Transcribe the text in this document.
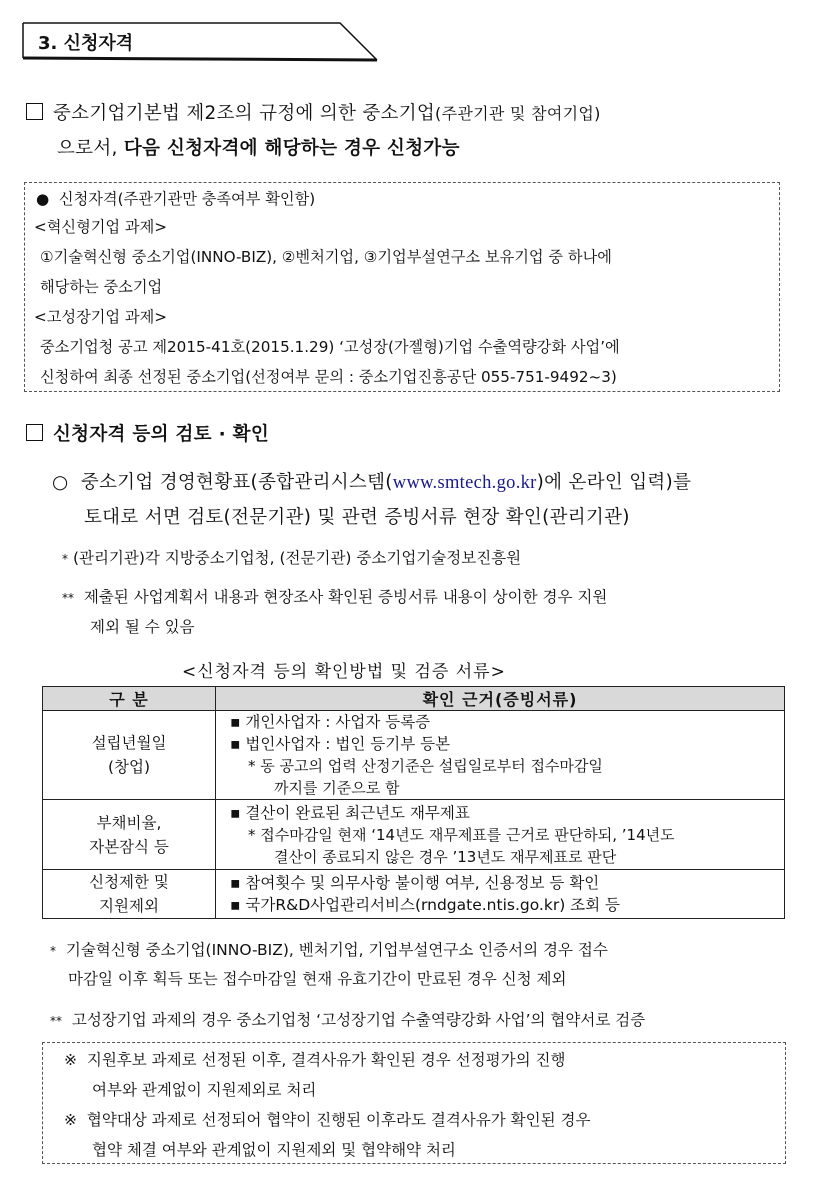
3. 신청자격
중소기업기본법 제2조의 규정에 의한 중소기업(주관기관 및 참여기업)
으로서, 다음 신청자격에 해당하는 경우 신청가능
● 신청자격(주관기관만 충족여부 확인함)
<혁신형기업 과제>
①기술혁신형 중소기업(INNO-BIZ), ②벤처기업, ③기업부설연구소 보유기업 중 하나에
해당하는 중소기업
<고성장기업 과제>
중소기업청 공고 제2015-41호(2015.1.29) ‘고성장(가젤형)기업 수출역량강화 사업’에
신청하여 최종 선정된 중소기업(선정여부 문의 : 중소기업진흥공단 055-751-9492~3)
신청자격 등의 검토 · 확인
○ 중소기업 경영현황표(종합관리시스템(www.smtech.go.kr)에 온라인 입력)를
토대로 서면 검토(전문기관) 및 관련 증빙서류 현장 확인(관리기관)
* (관리기관)각 지방중소기업청, (전문기관) 중소기업기술정보진흥원
** 제출된 사업계획서 내용과 현장조사 확인된 증빙서류 내용이 상이한 경우 지원
제외 될 수 있음
<신청자격 등의 확인방법 및 검증 서류>
구 분	확인 근거(증빙서류)

설립년월일
(창업)	▪ 개인사업자 : 사업자 등록증
▪ 법인사업자 : 법인 등기부 등본
* 동 공고의 업력 산정기준은 설립일로부터 접수마감일
까지를 기준으로 함

부채비율,
자본잠식 등	▪ 결산이 완료된 최근년도 재무제표
* 접수마감일 현재 ‘14년도 재무제표를 근거로 판단하되, ’14년도
결산이 종료되지 않은 경우 ’13년도 재무제표로 판단

신청제한 및
지원제외	▪ 참여횟수 및 의무사항 불이행 여부, 신용정보 등 확인
▪ 국가R&D사업관리서비스(rndgate.ntis.go.kr) 조회 등
* 기술혁신형 중소기업(INNO-BIZ), 벤처기업, 기업부설연구소 인증서의 경우 접수
마감일 이후 획득 또는 접수마감일 현재 유효기간이 만료된 경우 신청 제외
** 고성장기업 과제의 경우 중소기업청 ‘고성장기업 수출역량강화 사업’의 협약서로 검증
※ 지원후보 과제로 선정된 이후, 결격사유가 확인된 경우 선정평가의 진행
여부와 관계없이 지원제외로 처리
※ 협약대상 과제로 선정되어 협약이 진행된 이후라도 결격사유가 확인된 경우
협약 체결 여부와 관계없이 지원제외 및 협약해약 처리
